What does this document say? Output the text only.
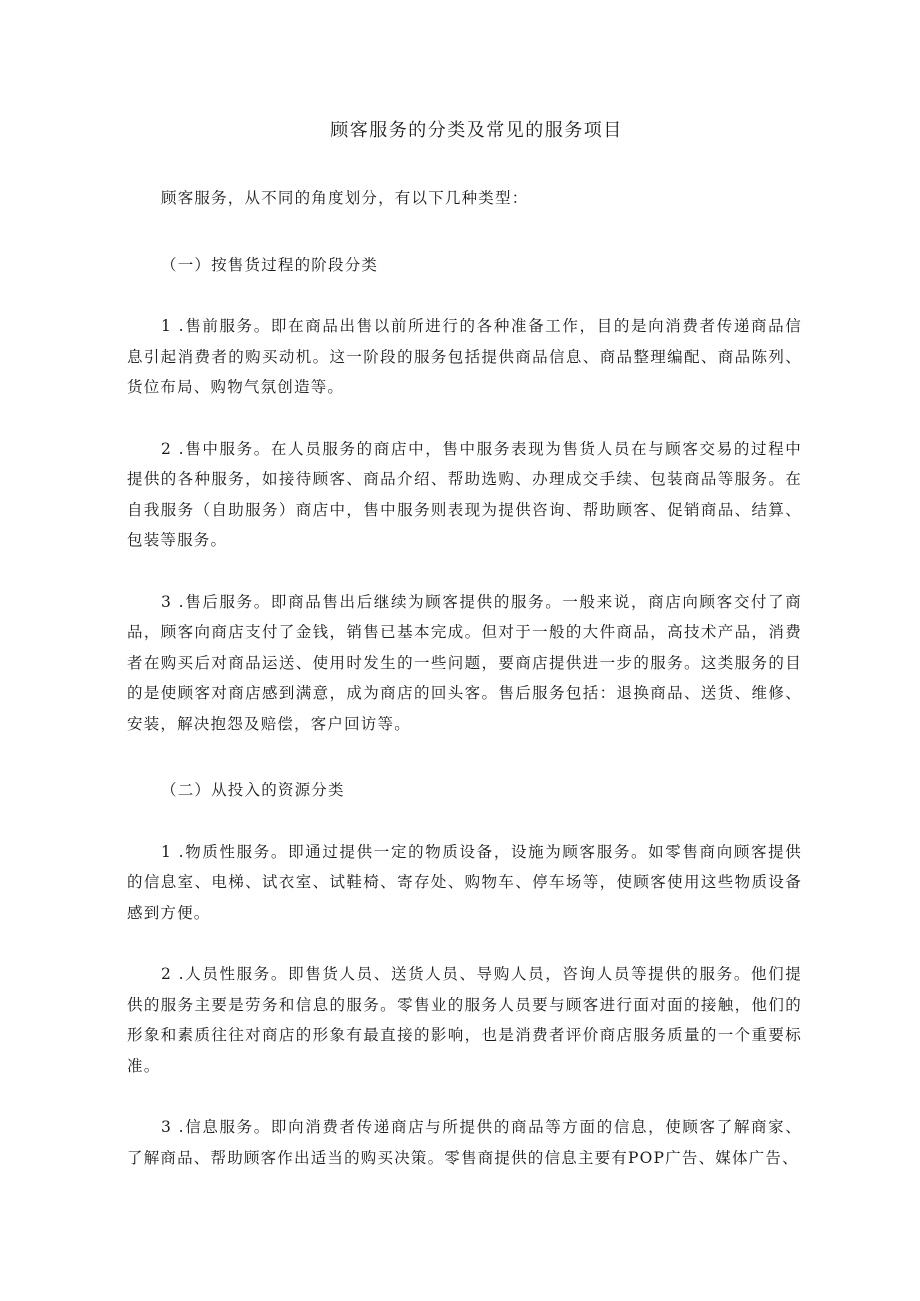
顾客服务的分类及常见的服务项目

顾客服务，从不同的角度划分，有以下几种类型：

（一）按售货过程的阶段分类

1 .售前服务。即在商品出售以前所进行的各种准备工作，目的是向消费者传递商品信息引起消费者的购买动机。这一阶段的服务包括提供商品信息、商品整理编配、商品陈列、货位布局、购物气氛创造等。

2 .售中服务。在人员服务的商店中，售中服务表现为售货人员在与顾客交易的过程中提供的各种服务，如接待顾客、商品介绍、帮助选购、办理成交手续、包装商品等服务。在自我服务（自助服务）商店中，售中服务则表现为提供咨询、帮助顾客、促销商品、结算、包装等服务。

3 .售后服务。即商品售出后继续为顾客提供的服务。一般来说，商店向顾客交付了商品，顾客向商店支付了金钱，销售已基本完成。但对于一般的大件商品，高技术产品，消费者在购买后对商品运送、使用时发生的一些问题，要商店提供进一步的服务。这类服务的目的是使顾客对商店感到满意，成为商店的回头客。售后服务包括：退换商品、送货、维修、安装，解决抱怨及赔偿，客户回访等。

（二）从投入的资源分类

1 .物质性服务。即通过提供一定的物质设备，设施为顾客服务。如零售商向顾客提供的信息室、电梯、试衣室、试鞋椅、寄存处、购物车、停车场等，使顾客使用这些物质设备感到方便。

2 .人员性服务。即售货人员、送货人员、导购人员，咨询人员等提供的服务。他们提供的服务主要是劳务和信息的服务。零售业的服务人员要与顾客进行面对面的接触，他们的形象和素质往往对商店的形象有最直接的影响，也是消费者评价商店服务质量的一个重要标准。

3 .信息服务。即向消费者传递商店与所提供的商品等方面的信息，使顾客了解商家、了解商品、帮助顾客作出适当的购买决策。零售商提供的信息主要有POP广告、媒体广告、
